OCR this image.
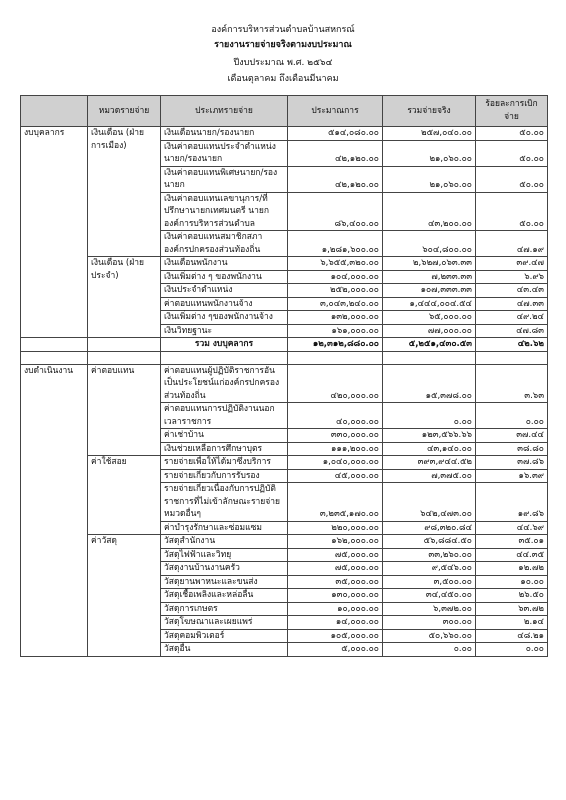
องค์การบริหารส่วนตำบลบ้านสหกรณ์
รายงานรายจ่ายจริงตามงบประมาณ
ปีงบประมาณ พ.ศ. ๒๕๖๔
เดือนตุลาคม ถึงเดือนมีนาคม
	หมวดรายจ่าย	ประเภทรายจ่าย	ประมาณการ	รวมจ่ายจริง	ร้อยละการเบิกจ่าย
งบบุคลากร	เงินเดือน (ฝ่ายการเมือง)	เงินเดือนนายก/รองนายก	๕๑๔,๐๘๐.๐๐	๒๕๗,๐๔๐.๐๐	๕๐.๐๐
		เงินค่าตอบแทนประจำตำแหน่งนายก/รองนายก	๔๒,๑๒๐.๐๐	๒๑,๐๖๐.๐๐	๕๐.๐๐
		เงินค่าตอบแทนพิเศษนายก/รองนายก	๔๒,๑๒๐.๐๐	๒๑,๐๖๐.๐๐	๕๐.๐๐
		เงินค่าตอบแทนเลขานุการ/ที่ปรึกษานายกเทศมนตรี นายกองค์การบริหารส่วนตำบล	๘๖,๔๐๐.๐๐	๔๓,๒๐๐.๐๐	๕๐.๐๐
		เงินค่าตอบแทนสมาชิกสภาองค์กรปกครองส่วนท้องถิ่น	๑,๒๘๑,๖๐๐.๐๐	๖๐๔,๘๐๐.๐๐	๔๗.๑๙
	เงินเดือน (ฝ่ายประจำ)	เงินเดือนพนักงาน	๖,๖๕๕,๓๒๐.๐๐	๒,๖๒๗,๐๖๓.๓๓	๓๙.๔๗
		เงินเพิ่มต่าง ๆ ของพนักงาน	๑๐๔,๐๐๐.๐๐	๗,๒๓๓.๓๓	๖.๙๖
		เงินประจำตำแหน่ง	๒๕๒,๐๐๐.๐๐	๑๐๗,๓๓๓.๓๓	๔๓.๔๓
		ค่าตอบแทนพนักงานจ้าง	๓,๐๔๓,๒๔๐.๐๐	๑,๔๔๔,๐๐๔.๕๔	๔๗.๓๓
		เงินเพิ่มต่าง ๆของพนักงานจ้าง	๑๓๒,๐๐๐.๐๐	๖๕,๐๐๐.๐๐	๔๙.๒๔
		เงินวิทยฐานะ	๑๖๑,๐๐๐.๐๐	๗๗,๐๐๐.๐๐	๔๗.๘๓
		รวม งบบุคลากร	๑๒,๓๑๒,๘๘๐.๐๐	๕,๒๕๑,๔๓๐.๕๓	๔๒.๖๒

งบดำเนินงาน	ค่าตอบแทน	ค่าตอบแทนผู้ปฏิบัติราชการอันเป็นประโยชน์แก่องค์กรปกครองส่วนท้องถิ่น	๔๒๐,๐๐๐.๐๐	๑๕,๓๗๘.๐๐	๓.๖๓
		ค่าตอบแทนการปฏิบัติงานนอกเวลาราชการ	๔๐,๐๐๐.๐๐	๐.๐๐	๐.๐๐
		ค่าเช่าบ้าน	๓๓๐,๐๐๐.๐๐	๑๒๓,๕๖๖.๖๖	๓๗.๔๔
		เงินช่วยเหลือการศึกษาบุตร	๑๑๑,๒๐๐.๐๐	๔๓,๑๔๐.๐๐	๓๘.๘๐
	ค่าใช้สอย	รายจ่ายเพื่อให้ได้มาซึ่งบริการ	๑,๐๔๐,๐๐๐.๐๐	๓๙๓,๙๔๔.๕๒	๓๗.๘๖
		รายจ่ายเกี่ยวกับการรับรอง	๔๕,๐๐๐.๐๐	๗,๓๗๕.๐๐	๑๖.๓๙
		รายจ่ายเกี่ยวเนื่องกับการปฏิบัติราชการที่ไม่เข้าลักษณะรายจ่ายหมวดอื่นๆ	๓,๒๓๕,๑๗๐.๐๐	๖๔๒,๔๗๓.๐๐	๑๙.๘๖
		ค่าบำรุงรักษาและซ่อมแซม	๒๒๐,๐๐๐.๐๐	๙๘,๓๒๐.๘๔	๔๔.๖๙
	ค่าวัสดุ	วัสดุสำนักงาน	๑๖๒,๐๐๐.๐๐	๕๖,๘๘๔.๕๐	๓๕.๐๑
		วัสดุไฟฟ้าและวิทยุ	๗๕,๐๐๐.๐๐	๓๓,๒๖๐.๐๐	๔๔.๓๕
		วัสดุงานบ้านงานครัว	๗๕,๐๐๐.๐๐	๙,๕๔๖.๐๐	๑๒.๗๒
		วัสดุยานพาหนะและขนส่ง	๓๕,๐๐๐.๐๐	๓,๕๐๐.๐๐	๑๐.๐๐
		วัสดุเชื้อเพลิงและหล่อลื่น	๑๓๐,๐๐๐.๐๐	๓๔,๔๕๐.๐๐	๒๖.๕๐
		วัสดุการเกษตร	๑๐,๐๐๐.๐๐	๖,๓๗๒.๐๐	๖๓.๗๒
		วัสดุโฆษณาและเผยแพร่	๑๔,๐๐๐.๐๐	๓๐๐.๐๐	๒.๑๔
		วัสดุคอมพิวเตอร์	๑๐๕,๐๐๐.๐๐	๕๐,๖๖๐.๐๐	๔๘.๒๑
		วัสดุอื่น	๕,๐๐๐.๐๐	๐.๐๐	๐.๐๐
